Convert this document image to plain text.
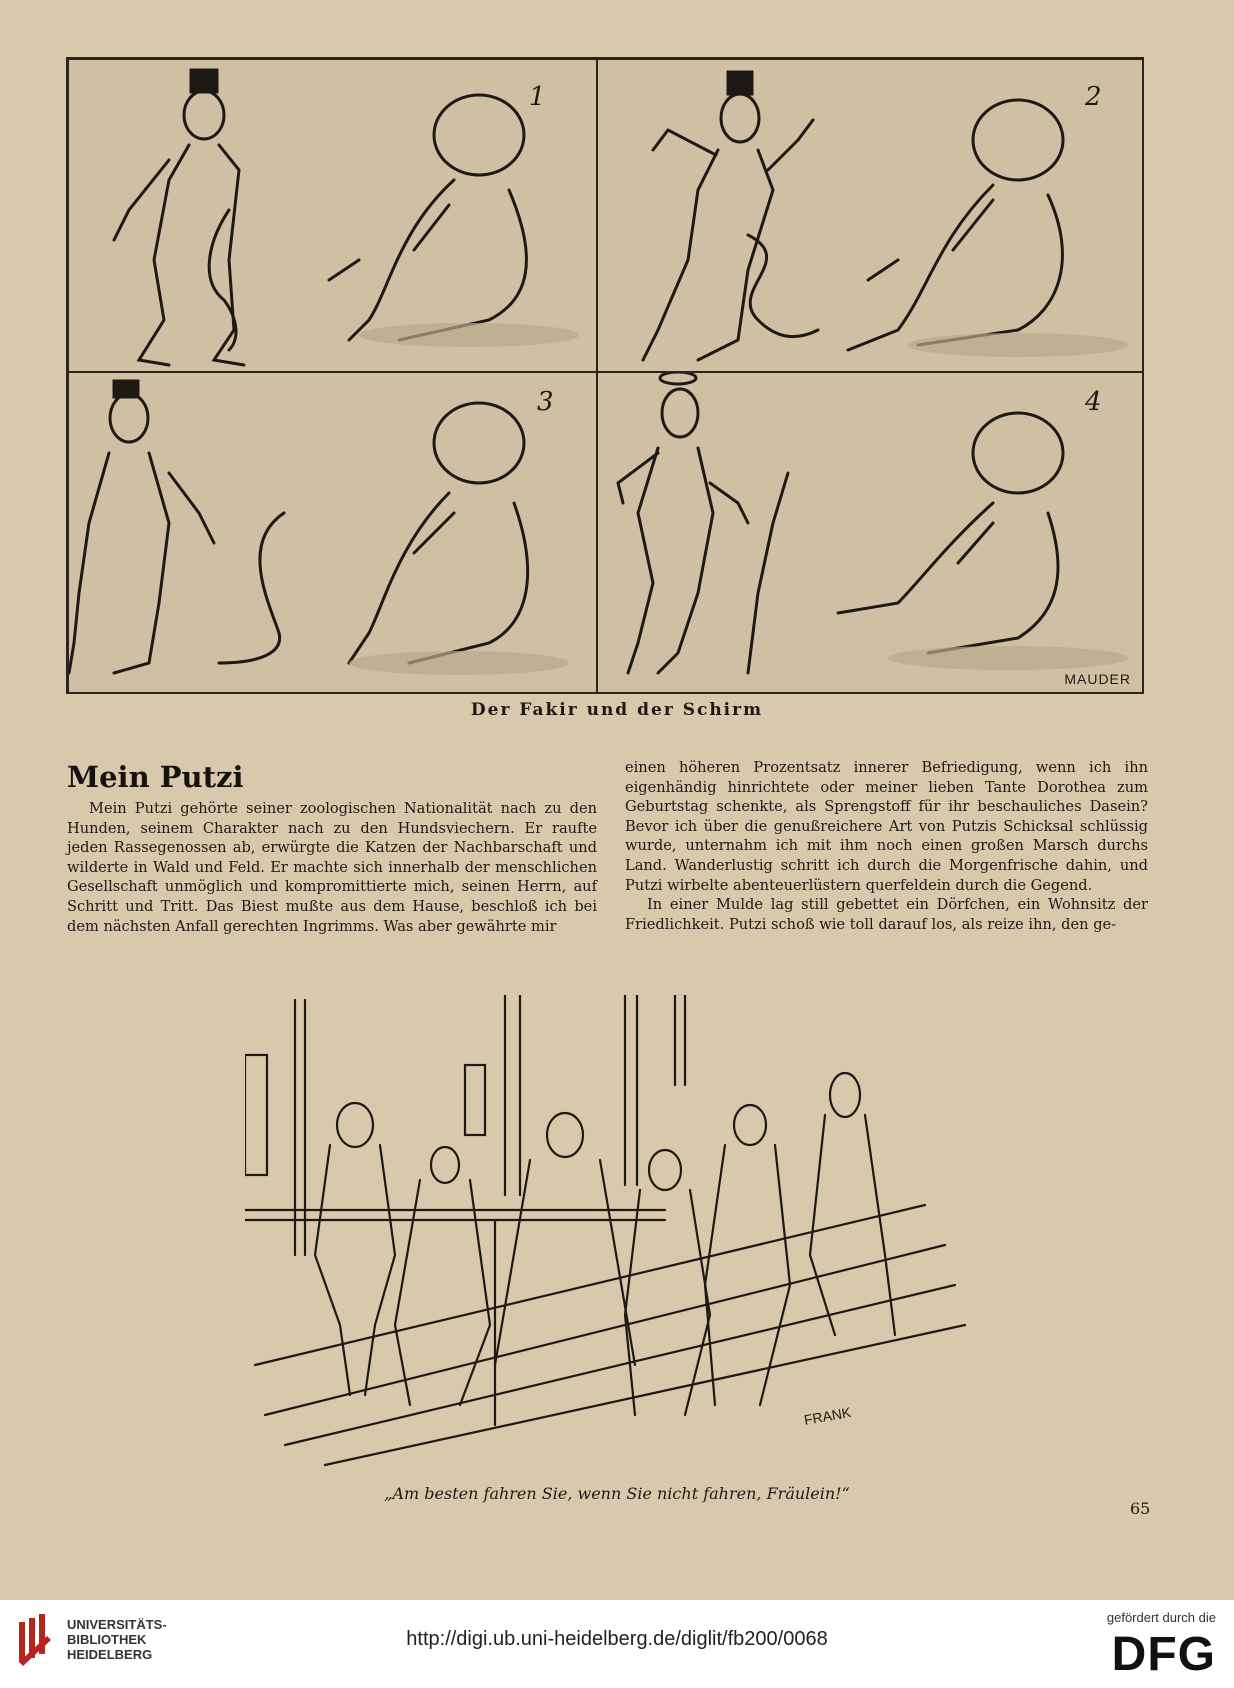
1	2
3	4
MAUDER
Der Fakir und der Schirm
Mein Putzi

Mein Putzi gehörte seiner zoologischen Nationalität nach zu den Hunden, seinem Charakter nach zu den Hundsviechern. Er raufte jeden Rassegenossen ab, erwürgte die Katzen der Nachbarschaft und wilderte in Wald und Feld. Er machte sich innerhalb der menschlichen Gesellschaft unmöglich und kompromittierte mich, seinen Herrn, auf Schritt und Tritt. Das Biest mußte aus dem Hause, beschloß ich bei dem nächsten Anfall gerechten Ingrimms. Was aber gewährte mir

einen höheren Prozentsatz innerer Befriedigung, wenn ich ihn eigenhändig hinrichtete oder meiner lieben Tante Dorothea zum Geburtstag schenkte, als Sprengstoff für ihr beschauliches Dasein? Bevor ich über die genußreichere Art von Putzis Schicksal schlüssig wurde, unternahm ich mit ihm noch einen großen Marsch durchs Land. Wanderlustig schritt ich durch die Morgenfrische dahin, und Putzi wirbelte abenteuerlüstern querfeldein durch die Gegend.

In einer Mulde lag still gebettet ein Dörfchen, ein Wohnsitz der Friedlichkeit. Putzi schoß wie toll darauf los, als reize ihn, den ge-

FRANK
„Am besten fahren Sie, wenn Sie nicht fahren, Fräulein!“
65
UNIVERSITÄTS-
BIBLIOTHEK
HEIDELBERG
http://digi.ub.uni-heidelberg.de/diglit/fb200/0068
gefördert durch die
DFG
